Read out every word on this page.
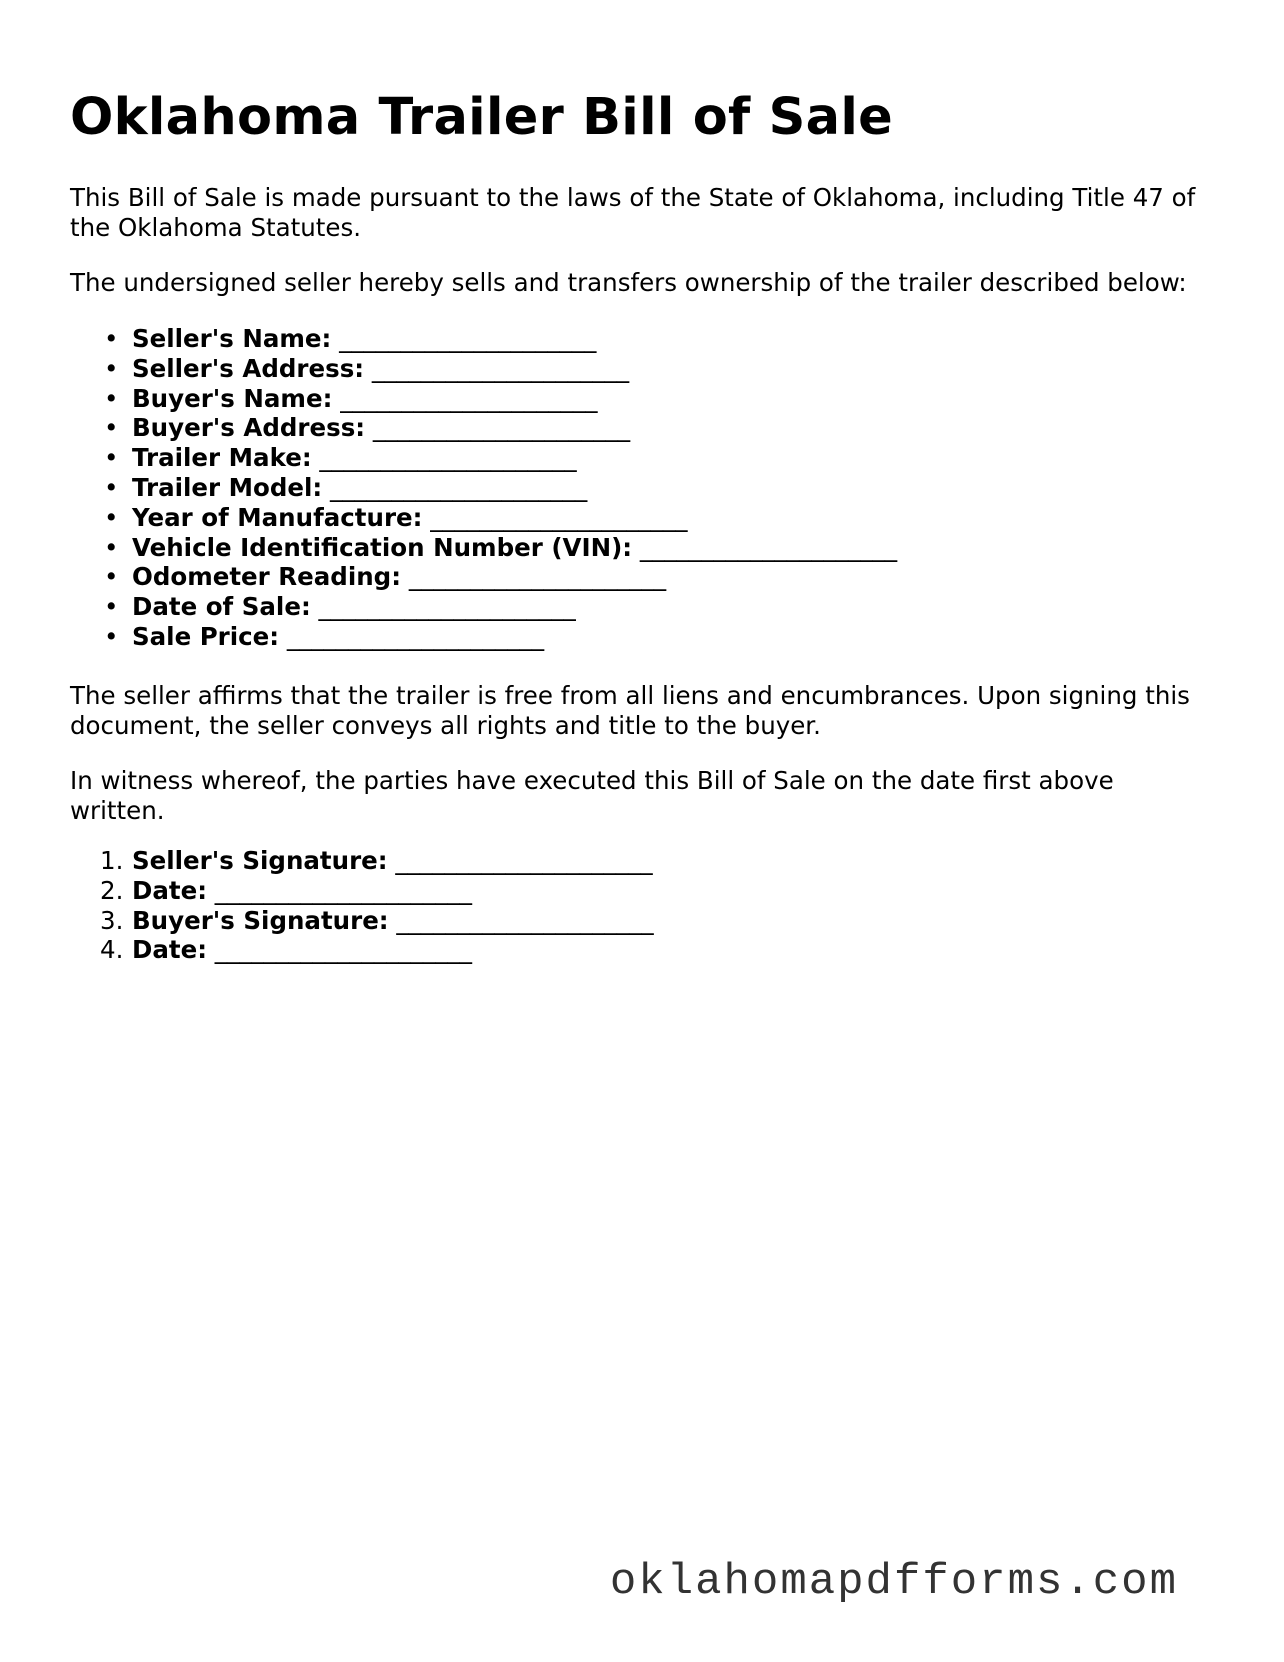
Oklahoma Trailer Bill of Sale

This Bill of Sale is made pursuant to the laws of the State of Oklahoma, including Title 47 of the Oklahoma Statutes.

The undersigned seller hereby sells and transfers ownership of the trailer described below:

• Seller's Name: _____________________
• Seller's Address: _____________________
• Buyer's Name: _____________________
• Buyer's Address: _____________________
• Trailer Make: _____________________
• Trailer Model: _____________________
• Year of Manufacture: _____________________
• Vehicle Identification Number (VIN): _____________________
• Odometer Reading: _____________________
• Date of Sale: _____________________
• Sale Price: _____________________

The seller affirms that the trailer is free from all liens and encumbrances. Upon signing this document, the seller conveys all rights and title to the buyer.

In witness whereof, the parties have executed this Bill of Sale on the date first above written.

1. Seller's Signature: _____________________
2. Date: _____________________
3. Buyer's Signature: _____________________
4. Date: _____________________
oklahomapdfforms.com
